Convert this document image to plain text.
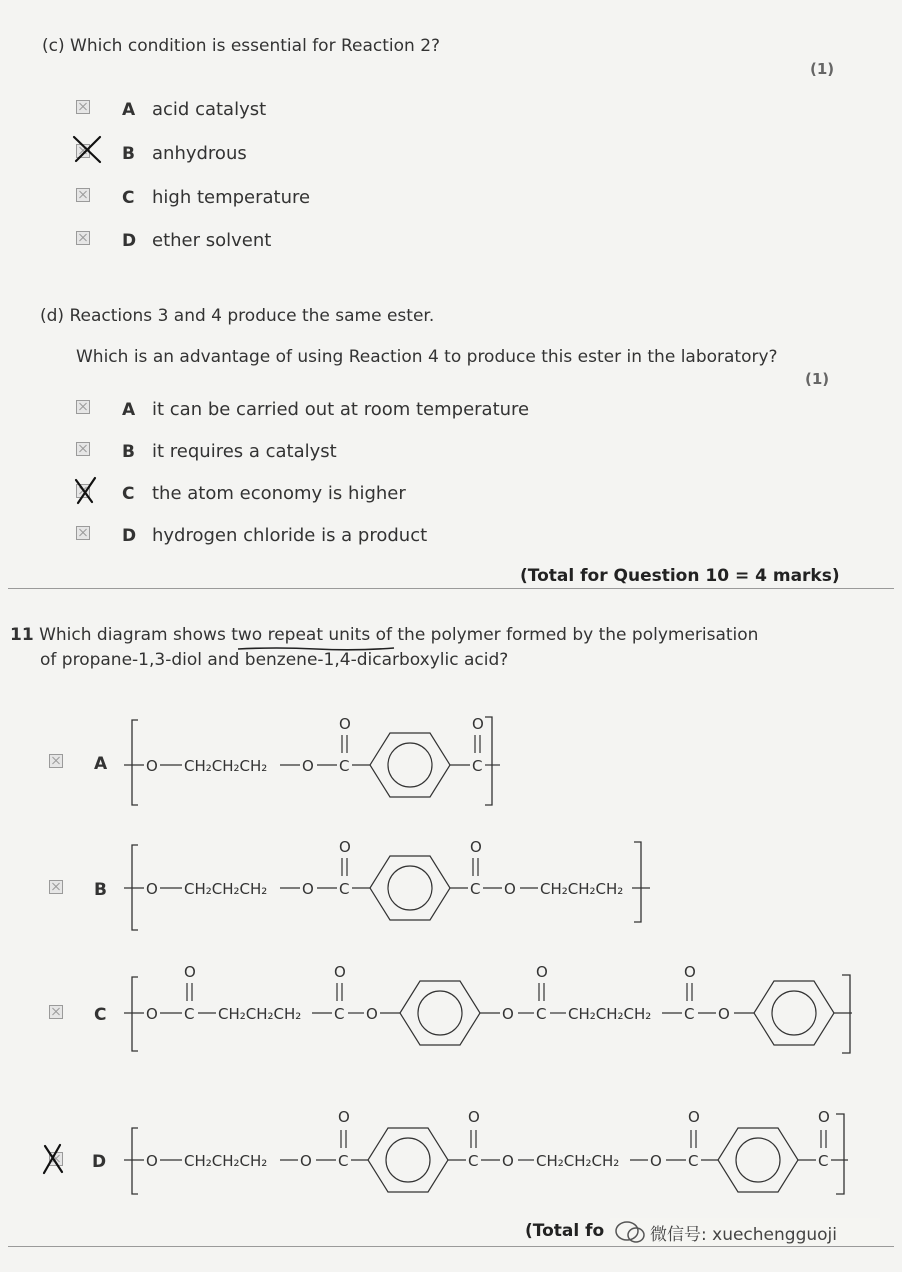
(c) Which condition is essential for Reaction 2?
(1)
A acid catalyst
B anhydrous
C high temperature
D ether solvent
(d) Reactions 3 and 4 produce the same ester.
Which is an advantage of using Reaction 4 to produce this ester in the laboratory?
(1)
A it can be carried out at room temperature
B it requires a catalyst
C the atom economy is higher
D hydrogen chloride is a product
(Total for Question 10 = 4 marks)
11 Which diagram shows two repeat units of the polymer formed by the polymerisation
of propane-1,3-diol and benzene-1,4-dicarboxylic acid?
A
B
C
D
O CH₂CH₂CH₂ O C
O
C
O
O CH₂CH₂CH₂ O C
O
C
O
O CH₂CH₂CH₂
O C
O
CH₂CH₂CH₂ C
O
O	O C
O
CH₂CH₂CH₂ C
O
O
O CH₂CH₂CH₂ O C
O
C
O
O CH₂CH₂CH₂ O C
O
C
O
(Total fo	微信号: xuechengguoji
